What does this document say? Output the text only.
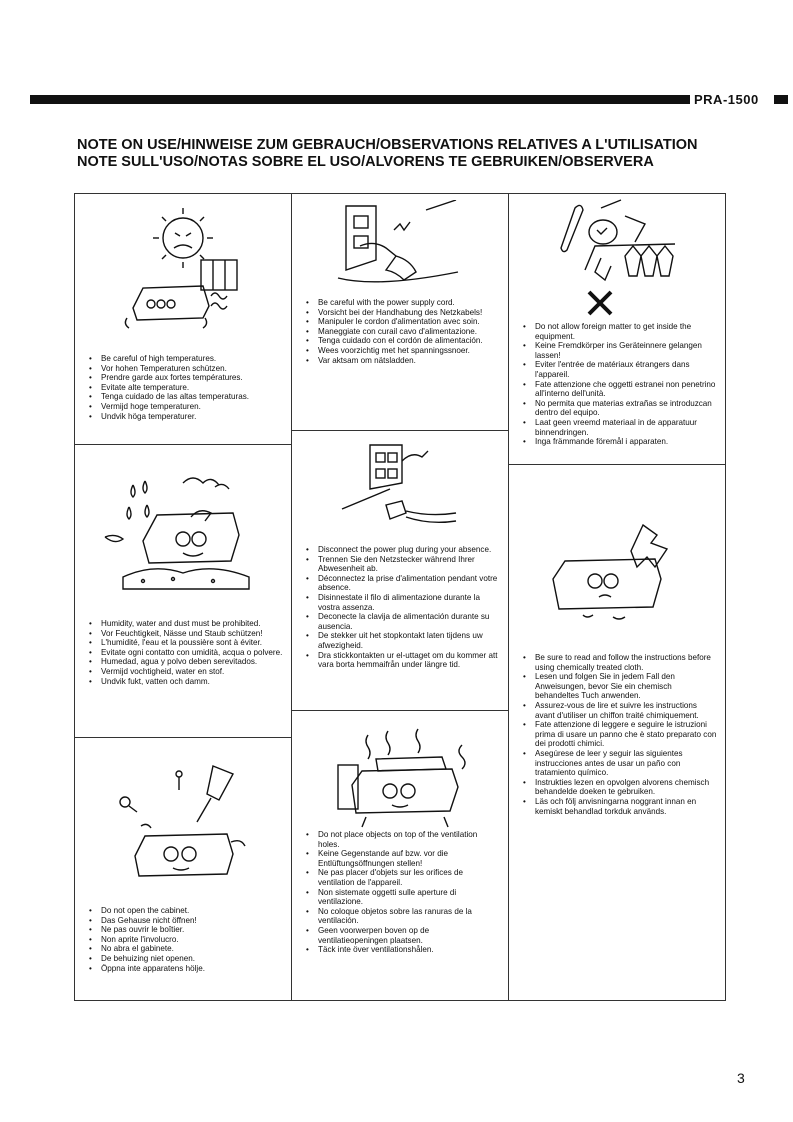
PRA-1500
NOTE ON USE/HINWEISE ZUM GEBRAUCH/OBSERVATIONS RELATIVES A L'UTILISATION
NOTE SULL'USO/NOTAS SOBRE EL USO/ALVORENS TE GEBRUIKEN/OBSERVERA
• Be careful of high temperatures.
• Vor hohen Temperaturen schützen.
• Prendre garde aux fortes températures.
• Evitate alte temperature.
• Tenga cuidado de las altas temperaturas.
• Vermijd hoge temperaturen.
• Undvik höga temperaturer.
• Humidity, water and dust must be prohibited.
• Vor Feuchtigkeit, Nässe und Staub schützen!
• L'humidité, l'eau et la poussière sont à éviter.
• Evitate ogni contatto con umidità, acqua o polvere.
• Humedad, agua y polvo deben serevitados.
• Vermijd vochtigheid, water en stof.
• Undvik fukt, vatten och damm.
• Do not open the cabinet.
• Das Gehause nicht öffnen!
• Ne pas ouvrir le boîtier.
• Non aprite l'involucro.
• No abra el gabinete.
• De behuizing niet openen.
• Öppna inte apparatens hölje.
• Be careful with the power supply cord.
• Vorsicht bei der Handhabung des Netzkabels!
• Manipuler le cordon d'alimentation avec soin.
• Maneggiate con curail cavo d'alimentazione.
• Tenga cuidado con el cordón de alimentación.
• Wees voorzichtig met het spanningssnoer.
• Var aktsam om nätsladden.
• Disconnect the power plug during your absence.
• Trennen Sie den Netzstecker während Ihrer Abwesenheit ab.
• Déconnectez la prise d'alimentation pendant votre absence.
• Disinnestate il filo di alimentazione durante la vostra assenza.
• Deconecte la clavija de alimentación durante su ausencia.
• De stekker uit het stopkontakt laten tijdens uw afwezigheid.
• Dra stickkontakten ur el-uttaget om du kommer att vara borta hemmaifrån under längre tid.
• Do not place objects on top of the ventilation holes.
• Keine Gegenstande auf bzw. vor die Entlüftungsöffnungen stellen!
• Ne pas placer d'objets sur les orifices de ventilation de l'appareil.
• Non sistemate oggetti sulle aperture di ventilazione.
• No coloque objetos sobre las ranuras de la ventilación.
• Geen voorwerpen boven op de ventilatieopeningen plaatsen.
• Täck inte över ventilationshålen.
• Do not allow foreign matter to get inside the equipment.
• Keine Fremdkörper ins Geräteinnere gelangen lassen!
• Eviter l'entrée de matériaux étrangers dans l'appareil.
• Fate attenzione che oggetti estranei non penetrino all'interno dell'unità.
• No permita que materias extrañas se introduzcan dentro del equipo.
• Laat geen vreemd materiaal in de apparatuur binnendringen.
• Inga främmande föremål i apparaten.
• Be sure to read and follow the instructions before using chemically treated cloth.
• Lesen und folgen Sie in jedem Fall den Anweisungen, bevor Sie ein chemisch behandeltes Tuch anwenden.
• Assurez-vous de lire et suivre les instructions avant d'utiliser un chiffon traité chimiquement.
• Fate attenzione di leggere e seguire le istruzioni prima di usare un panno che è stato preparato con dei prodotti chimici.
• Asegúrese de leer y seguir las siguientes instrucciones antes de usar un paño con tratamiento químico.
• Instrukties lezen en opvolgen alvorens chemisch behandelde doeken te gebruiken.
• Läs och följ anvisningarna noggrant innan en kemiskt behandlad torkduk används.
3
